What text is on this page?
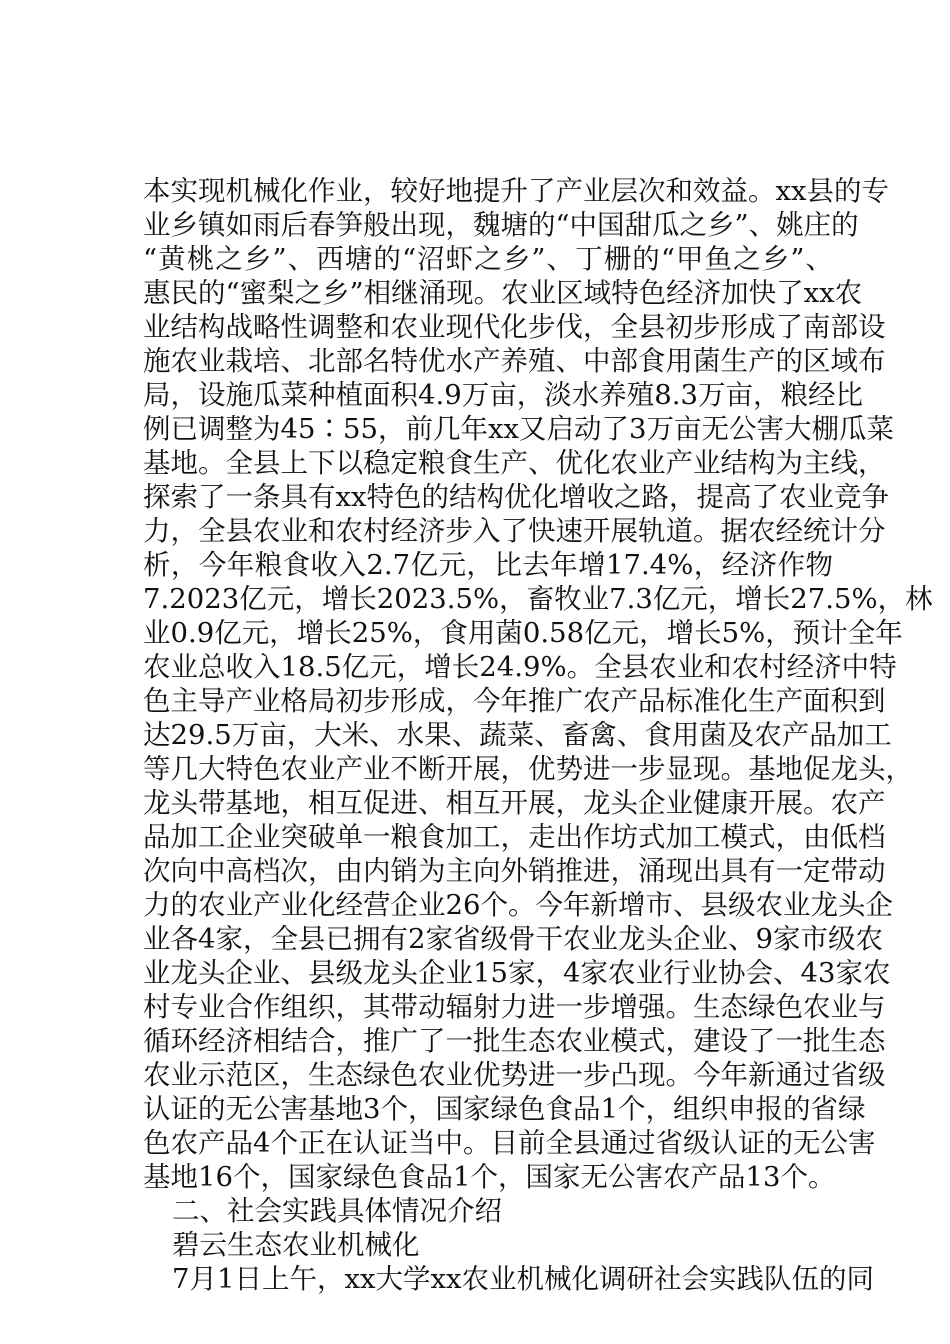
本实现机械化作业，较好地提升了产业层次和效益。xx县的专
业乡镇如雨后春笋般出现，魏塘的“中国甜瓜之乡”、姚庄的
“黄桃之乡”、西塘的“沼虾之乡”、丁栅的“甲鱼之乡”、
惠民的“蜜梨之乡”相继涌现。农业区域特色经济加快了xx农
业结构战略性调整和农业现代化步伐，全县初步形成了南部设
施农业栽培、北部名特优水产养殖、中部食用菌生产的区域布
局，设施瓜菜种植面积4.9万亩，淡水养殖8.3万亩，粮经比
例已调整为45∶55，前几年xx又启动了3万亩无公害大棚瓜菜
基地。全县上下以稳定粮食生产、优化农业产业结构为主线，
探索了一条具有xx特色的结构优化增收之路，提高了农业竞争
力，全县农业和农村经济步入了快速开展轨道。据农经统计分
析，今年粮食收入2.7亿元，比去年增17.4%，经济作物
7.2023亿元，增长2023.5%，畜牧业7.3亿元，增长27.5%，林
业0.9亿元，增长25%，食用菌0.58亿元，增长5%，预计全年
农业总收入18.5亿元，增长24.9%。全县农业和农村经济中特
色主导产业格局初步形成，今年推广农产品标准化生产面积到
达29.5万亩，大米、水果、蔬菜、畜禽、食用菌及农产品加工
等几大特色农业产业不断开展，优势进一步显现。基地促龙头，
龙头带基地，相互促进、相互开展，龙头企业健康开展。农产
品加工企业突破单一粮食加工，走出作坊式加工模式，由低档
次向中高档次，由内销为主向外销推进，涌现出具有一定带动
力的农业产业化经营企业26个。今年新增市、县级农业龙头企
业各4家，全县已拥有2家省级骨干农业龙头企业、9家市级农
业龙头企业、县级龙头企业15家，4家农业行业协会、43家农
村专业合作组织，其带动辐射力进一步增强。生态绿色农业与
循环经济相结合，推广了一批生态农业模式，建设了一批生态
农业示范区，生态绿色农业优势进一步凸现。今年新通过省级
认证的无公害基地3个，国家绿色食品1个，组织申报的省绿
色农产品4个正在认证当中。目前全县通过省级认证的无公害
基地16个，国家绿色食品1个，国家无公害农产品13个。
二、社会实践具体情况介绍
碧云生态农业机械化
7月1日上午，xx大学xx农业机械化调研社会实践队伍的同
